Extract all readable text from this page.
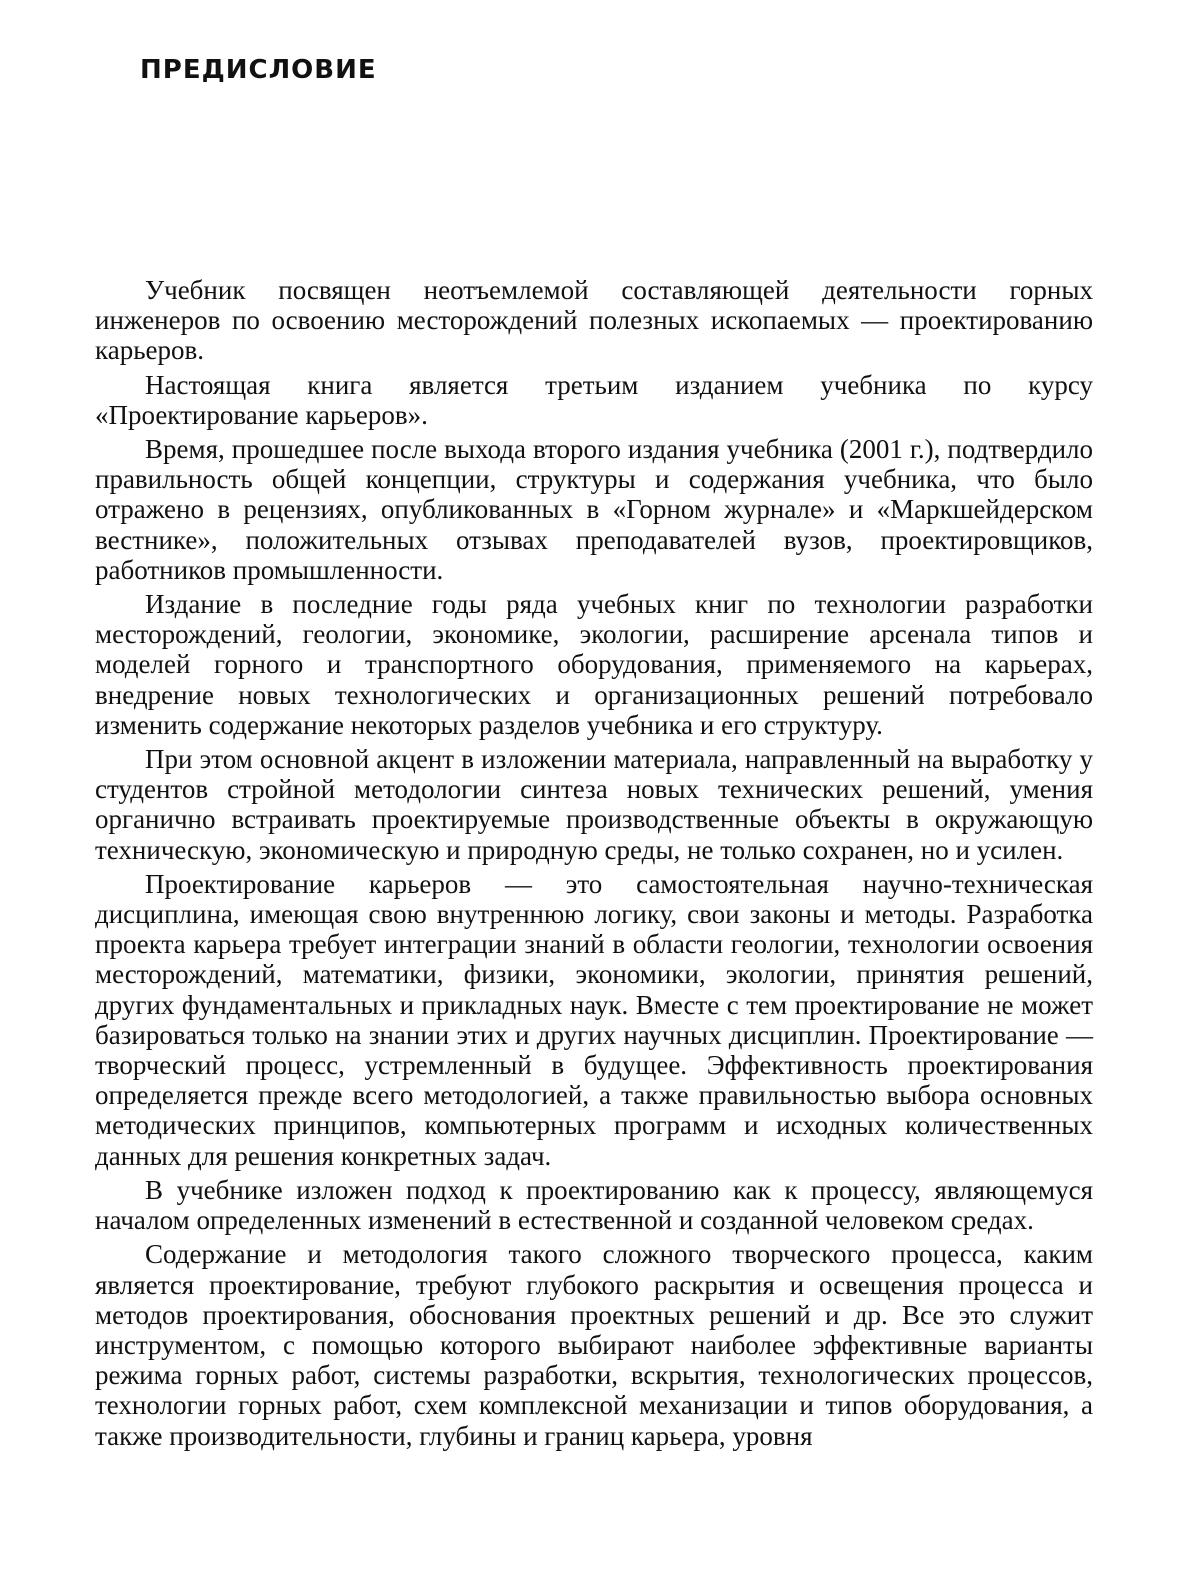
ПРЕДИСЛОВИЕ

Учебник посвящен неотъемлемой составляющей деятельности горных инженеров по освоению месторождений полезных ископаемых — проектированию карьеров.

Настоящая книга является третьим изданием учебника по курсу «Проектирование карьеров».

Время, прошедшее после выхода второго издания учебника (2001 г.), подтвердило правильность общей концепции, структуры и содержания учебника, что было отражено в рецензиях, опубликованных в «Горном журнале» и «Маркшейдерском вестнике», положительных отзывах преподавателей вузов, проектировщиков, работников промышленности.

Издание в последние годы ряда учебных книг по технологии разработки месторождений, геологии, экономике, экологии, расширение арсенала типов и моделей горного и транспортного оборудования, применяемого на карьерах, внедрение новых технологических и организационных решений потребовало изменить содержание некоторых разделов учебника и его структуру.

При этом основной акцент в изложении материала, направленный на выработку у студентов стройной методологии синтеза новых технических решений, умения органично встраивать проектируемые производственные объекты в окружающую техническую, экономическую и природную среды, не только сохранен, но и усилен.

Проектирование карьеров — это самостоятельная научно-техническая дисциплина, имеющая свою внутреннюю логику, свои законы и методы. Разработка проекта карьера требует интеграции знаний в области геологии, технологии освоения месторождений, математики, физики, экономики, экологии, принятия решений, других фундаментальных и прикладных наук. Вместе с тем проектирование не может базироваться только на знании этих и других научных дисциплин. Проектирование — творческий процесс, устремленный в будущее. Эффективность проектирования определяется прежде всего методологией, а также правильностью выбора основных методических принципов, компьютерных программ и исходных количественных данных для решения конкретных задач.

В учебнике изложен подход к проектированию как к процессу, являющемуся началом определенных изменений в естественной и созданной человеком средах.

Содержание и методология такого сложного творческого процесса, каким является проектирование, требуют глубокого раскрытия и освещения процесса и методов проектирования, обоснования проектных решений и др. Все это служит инструментом, с помощью которого выбирают наиболее эффективные варианты режима горных работ, системы разработки, вскрытия, технологических процессов, технологии горных работ, схем комплексной механизации и типов оборудования, а также производительности, глубины и границ карьера, уровня
